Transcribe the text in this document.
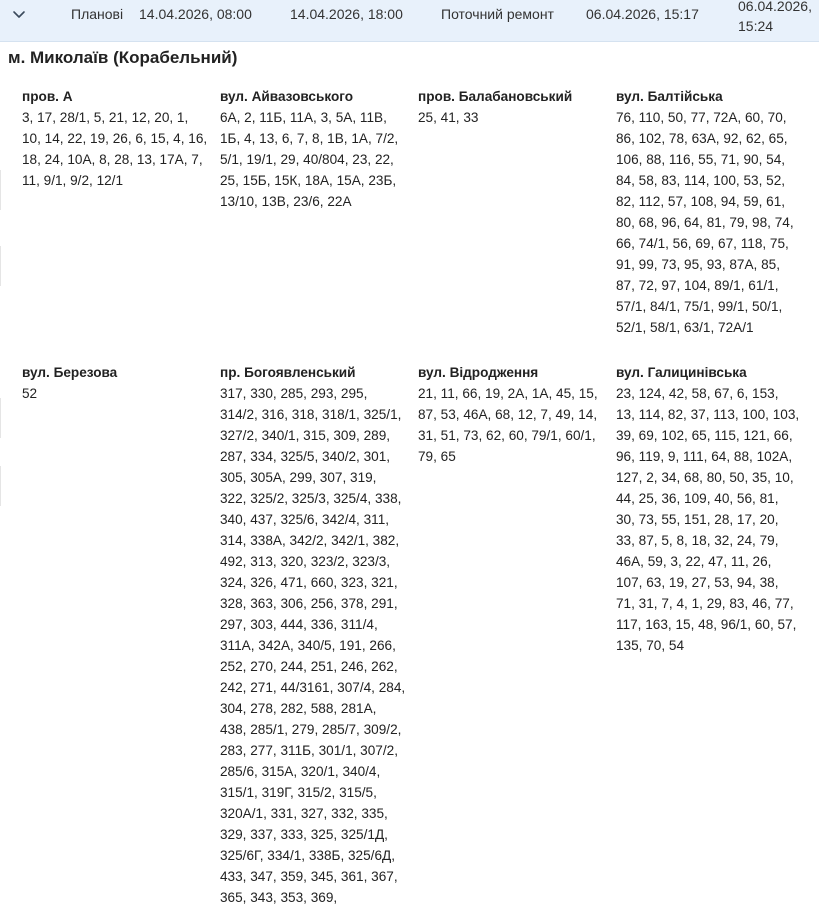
Планові 14.04.2026, 08:00	14.04.2026, 18:00	Поточний ремонт 06.04.2026, 15:17	06.04.2026, 15:24
м. Миколаїв (Корабельний)
пров. А
3, 17, 28/1, 5, 21, 12, 20, 1, 10, 14, 22, 19, 26, 6, 15, 4, 16, 18, 24, 10А, 8, 28, 13, 17А, 7, 11, 9/1, 9/2, 12/1
вул. Айвазовського
6А, 2, 11Б, 11А, 3, 5А, 11В, 1Б, 4, 13, 6, 7, 8, 1В, 1А, 7/2, 5/1, 19/1, 29, 40/804, 23, 22, 25, 15Б, 15К, 18А, 15А, 23Б, 13/10, 13В, 23/6, 22А
пров. Балабановський
25, 41, 33
вул. Балтійська
76, 110, 50, 77, 72А, 60, 70, 86, 102, 78, 63А, 92, 62, 65, 106, 88, 116, 55, 71, 90, 54, 84, 58, 83, 114, 100, 53, 52, 82, 112, 57, 108, 94, 59, 61, 80, 68, 96, 64, 81, 79, 98, 74, 66, 74/1, 56, 69, 67, 118, 75, 91, 99, 73, 95, 93, 87А, 85, 87, 72, 97, 104, 89/1, 61/1, 57/1, 84/1, 75/1, 99/1, 50/1, 52/1, 58/1, 63/1, 72А/1
вул. Березова
52
пр. Богоявленський
317, 330, 285, 293, 295, 314/2, 316, 318, 318/1, 325/1, 327/2, 340/1, 315, 309, 289, 287, 334, 325/5, 340/2, 301, 305, 305А, 299, 307, 319, 322, 325/2, 325/3, 325/4, 338, 340, 437, 325/6, 342/4, 311, 314, 338А, 342/2, 342/1, 382, 492, 313, 320, 323/2, 323/3, 324, 326, 471, 660, 323, 321, 328, 363, 306, 256, 378, 291, 297, 303, 444, 336, 311/4, 311А, 342А, 340/5, 191, 266, 252, 270, 244, 251, 246, 262, 242, 271, 44/3161, 307/4, 284, 304, 278, 282, 588, 281А, 438, 285/1, 279, 285/7, 309/2, 283, 277, 311Б, 301/1, 307/2, 285/6, 315А, 320/1, 340/4, 315/1, 319Г, 315/2, 315/5, 320А/1, 331, 327, 332, 335, 329, 337, 333, 325, 325/1Д, 325/6Г, 334/1, 338Б, 325/6Д, 433, 347, 359, 345, 361, 367, 365, 343, 353, 369,
вул. Відродження
21, 11, 66, 19, 2А, 1А, 45, 15, 87, 53, 46А, 68, 12, 7, 49, 14, 31, 51, 73, 62, 60, 79/1, 60/1, 79, 65
вул. Галицинівська
23, 124, 42, 58, 67, 6, 153, 13, 114, 82, 37, 113, 100, 103, 39, 69, 102, 65, 115, 121, 66, 96, 119, 9, 111, 64, 88, 102А, 127, 2, 34, 68, 80, 50, 35, 10, 44, 25, 36, 109, 40, 56, 81, 30, 73, 55, 151, 28, 17, 20, 33, 87, 5, 8, 18, 32, 24, 79, 46А, 59, 3, 22, 47, 11, 26, 107, 63, 19, 27, 53, 94, 38, 71, 31, 7, 4, 1, 29, 83, 46, 77, 117, 163, 15, 48, 96/1, 60, 57, 135, 70, 54
